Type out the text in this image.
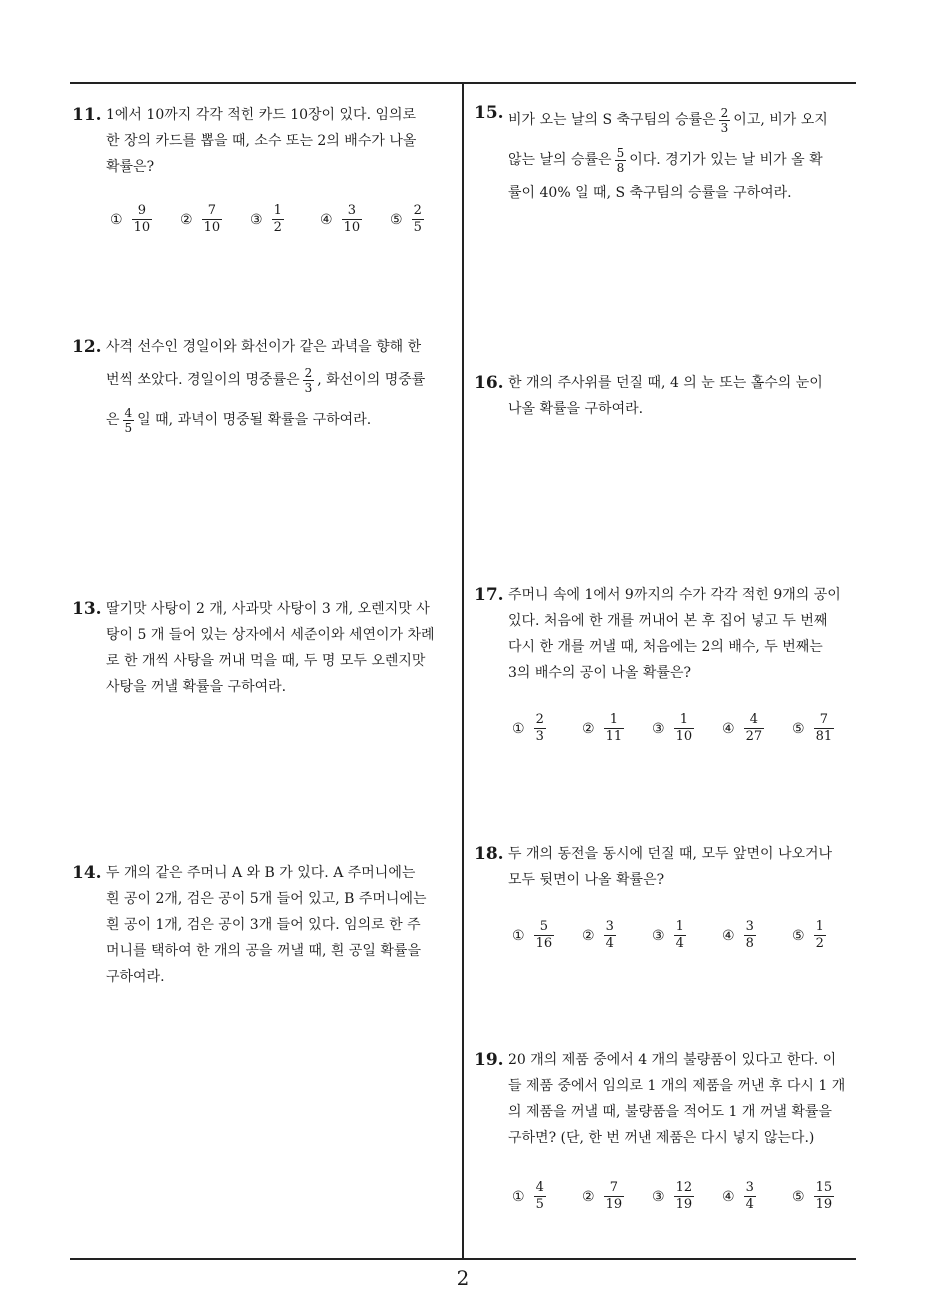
11. 1에서 10까지 각각 적힌 카드 10장이 있다. 임의로
한 장의 카드를 뽑을 때, 소수 또는 2의 배수가 나올
확률은?
① $\frac{9}{10}$ ② $\frac{7}{10}$ ③ $\frac{1}{2}$	④ $\frac{3}{10}$ ⑤ $\frac{2}{5}$
12. 사격 선수인 경일이와 화선이가 같은 과녁을 향해 한
번씩 쏘았다. 경일이의 명중률은 $\frac{2}{3}$ , 화선이의 명중률
은 $\frac{4}{5}$ 일 때, 과녁이 명중될 확률을 구하여라.
13. 딸기맛 사탕이 2 개, 사과맛 사탕이 3 개, 오렌지맛 사
탕이 5 개 들어 있는 상자에서 세준이와 세연이가 차례
로 한 개씩 사탕을 꺼내 먹을 때, 두 명 모두 오렌지맛
사탕을 꺼낼 확률을 구하여라.
14. 두 개의 같은 주머니 A 와 B 가 있다. A 주머니에는
흰 공이 2개, 검은 공이 5개 들어 있고, B 주머니에는
흰 공이 1개, 검은 공이 3개 들어 있다. 임의로 한 주
머니를 택하여 한 개의 공을 꺼낼 때, 흰 공일 확률을
구하여라.
15. 비가 오는 날의 S 축구팀의 승률은 $\frac{2}{3}$ 이고, 비가 오지
않는 날의 승률은 $\frac{5}{8}$ 이다. 경기가 있는 날 비가 올 확
률이 40% 일 때, S 축구팀의 승률을 구하여라.
16. 한 개의 주사위를 던질 때, 4 의 눈 또는 홀수의 눈이
나올 확률을 구하여라.
17. 주머니 속에 1에서 9까지의 수가 각각 적힌 9개의 공이
있다. 처음에 한 개를 꺼내어 본 후 집어 넣고 두 번째
다시 한 개를 꺼낼 때, 처음에는 2의 배수, 두 번째는
3의 배수의 공이 나올 확률은?
① $\frac{2}{3}$	② $\frac{1}{11}$ ③ $\frac{1}{10}$ ④ $\frac{4}{27}$ ⑤ $\frac{7}{81}$
18. 두 개의 동전을 동시에 던질 때, 모두 앞면이 나오거나
모두 뒷면이 나올 확률은?
① $\frac{5}{16}$ ② $\frac{3}{4}$	③ $\frac{1}{4}$	④ $\frac{3}{8}$	⑤ $\frac{1}{2}$
19. 20 개의 제품 중에서 4 개의 불량품이 있다고 한다. 이
들 제품 중에서 임의로 1 개의 제품을 꺼낸 후 다시 1 개
의 제품을 꺼낼 때, 불량품을 적어도 1 개 꺼낼 확률을
구하면? (단, 한 번 꺼낸 제품은 다시 넣지 않는다.)
① $\frac{4}{5}$	② $\frac{7}{19}$ ③ $\frac{12}{19}$ ④ $\frac{3}{4}$	⑤ $\frac{15}{19}$
2
